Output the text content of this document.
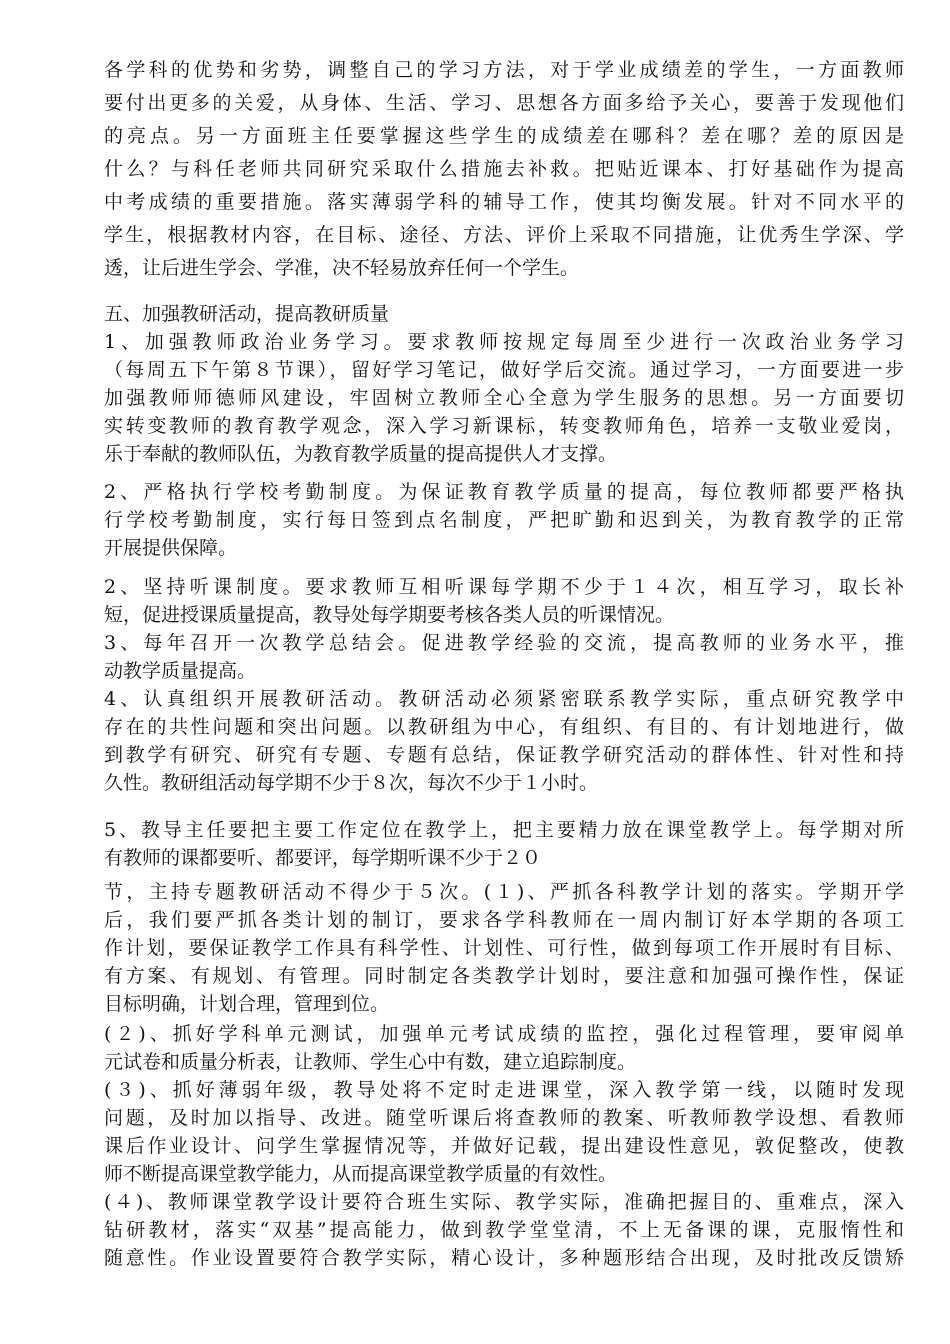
各学科的优势和劣势，调整自己的学习方法，对于学业成绩差的学生，一方面教师
要付出更多的关爱，从身体、生活、学习、思想各方面多给予关心，要善于发现他们
的亮点。另一方面班主任要掌握这些学生的成绩差在哪科？差在哪？差的原因是
什么？与科任老师共同研究采取什么措施去补救。把贴近课本、打好基础作为提高
中考成绩的重要措施。落实薄弱学科的辅导工作，使其均衡发展。针对不同水平的
学生，根据教材内容，在目标、途径、方法、评价上采取不同措施，让优秀生学深、学
透，让后进生学会、学准，决不轻易放弃任何一个学生。
五、加强教研活动，提高教研质量
1、加强教师政治业务学习。要求教师按规定每周至少进行一次政治业务学习
（每周五下午第８节课），留好学习笔记，做好学后交流。通过学习，一方面要进一步
加强教师师德师风建设，牢固树立教师全心全意为学生服务的思想。另一方面要切
实转变教师的教育教学观念，深入学习新课标，转变教师角色，培养一支敬业爱岗，
乐于奉献的教师队伍，为教育教学质量的提高提供人才支撑。
2、严格执行学校考勤制度。为保证教育教学质量的提高，每位教师都要严格执
行学校考勤制度，实行每日签到点名制度，严把旷勤和迟到关，为教育教学的正常
开展提供保障。
2、坚持听课制度。要求教师互相听课每学期不少于１４次，相互学习，取长补
短，促进授课质量提高，教导处每学期要考核各类人员的听课情况。
3、每年召开一次教学总结会。促进教学经验的交流，提高教师的业务水平，推
动教学质量提高。
4、认真组织开展教研活动。教研活动必须紧密联系教学实际，重点研究教学中
存在的共性问题和突出问题。以教研组为中心，有组织、有目的、有计划地进行，做
到教学有研究、研究有专题、专题有总结，保证教学研究活动的群体性、针对性和持
久性。教研组活动每学期不少于８次，每次不少于１小时。
5、教导主任要把主要工作定位在教学上，把主要精力放在课堂教学上。每学期对所
有教师的课都要听、都要评，每学期听课不少于２０
节，主持专题教研活动不得少于５次。(１)、严抓各科教学计划的落实。学期开学
后，我们要严抓各类计划的制订，要求各学科教师在一周内制订好本学期的各项工
作计划，要保证教学工作具有科学性、计划性、可行性，做到每项工作开展时有目标、
有方案、有规划、有管理。同时制定各类教学计划时，要注意和加强可操作性，保证
目标明确，计划合理，管理到位。
(２)、抓好学科单元测试，加强单元考试成绩的监控，强化过程管理，要审阅单
元试卷和质量分析表，让教师、学生心中有数，建立追踪制度。
(３)、抓好薄弱年级，教导处将不定时走进课堂，深入教学第一线，以随时发现
问题，及时加以指导、改进。随堂听课后将查教师的教案、听教师教学设想、看教师
课后作业设计、问学生掌握情况等，并做好记载，提出建设性意见，敦促整改，使教
师不断提高课堂教学能力，从而提高课堂教学质量的有效性。
(４)、教师课堂教学设计要符合班生实际、教学实际，准确把握目的、重难点，深入
钻研教材，落实“双基”提高能力，做到教学堂堂清，不上无备课的课，克服惰性和
随意性。作业设置要符合教学实际，精心设计，多种题形结合出现，及时批改反馈矫
